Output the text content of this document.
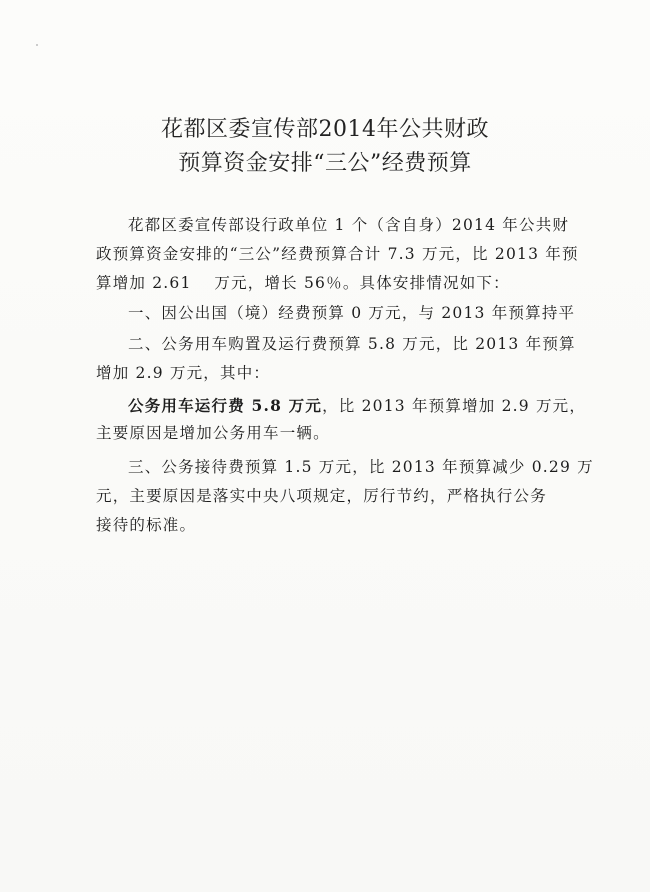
花都区委宣传部2014年公共财政
预算资金安排“三公”经费预算
花都区委宣传部设行政单位 1 个（含自身）2014 年公共财
政预算资金安排的“三公”经费预算合计 7.3 万元，比 2013 年预
算增加 2.61　 万元，增长 56％。具体安排情况如下：
一、因公出国（境）经费预算 0 万元，与 2013 年预算持平
二、公务用车购置及运行费预算 5.8 万元，比 2013 年预算
增加 2.9 万元，其中：
公务用车运行费 5.8 万元，比 2013 年预算增加 2.9 万元，
主要原因是增加公务用车一辆。
三、公务接待费预算 1.5 万元，比 2013 年预算减少 0.29 万
元，主要原因是落实中央八项规定，厉行节约，严格执行公务
接待的标准。
